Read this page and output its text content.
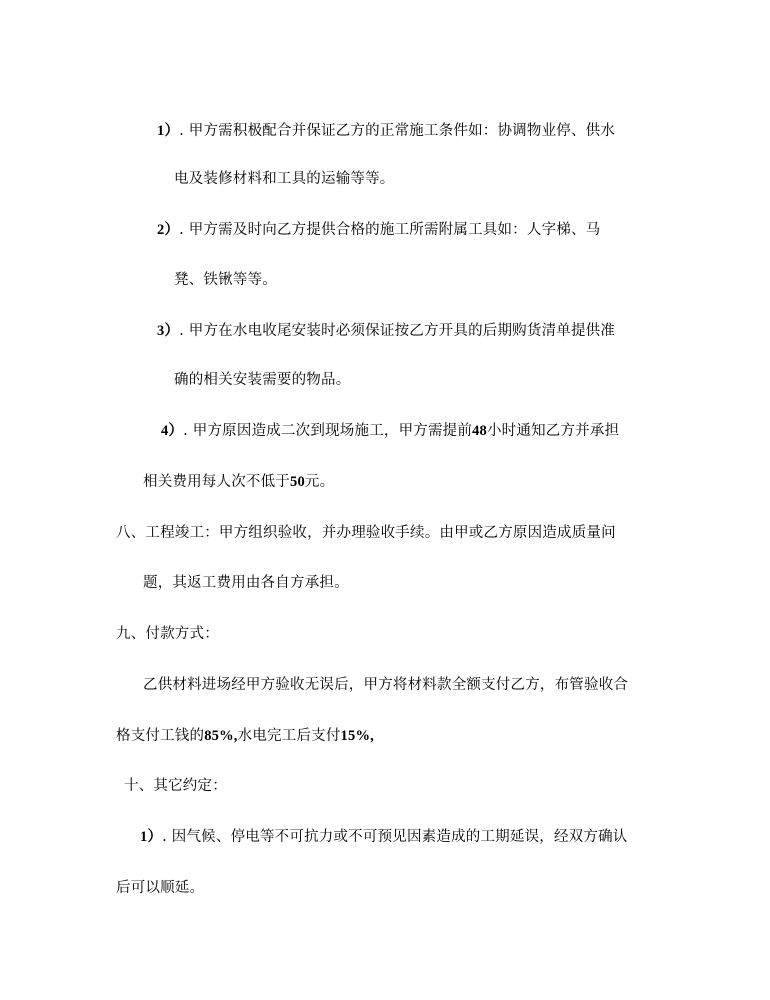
1）. 甲方需积极配合并保证乙方的正常施工条件如：协调物业停、供水
电及装修材料和工具的运输等等。
2）. 甲方需及时向乙方提供合格的施工所需附属工具如：人字梯、马
凳、铁锹等等。
3）. 甲方在水电收尾安装时必须保证按乙方开具的后期购货清单提供准
确的相关安装需要的物品。
4）. 甲方原因造成二次到现场施工，甲方需提前48小时通知乙方并承担
相关费用每人次不低于50元。
八、工程竣工：甲方组织验收，并办理验收手续。由甲或乙方原因造成质量问
题，其返工费用由各自方承担。
九、付款方式：
乙供材料进场经甲方验收无误后，甲方将材料款全额支付乙方，布管验收合
格支付工钱的85%,水电完工后支付15%,
十、其它约定：
1）. 因气候、停电等不可抗力或不可预见因素造成的工期延误，经双方确认
后可以顺延。
